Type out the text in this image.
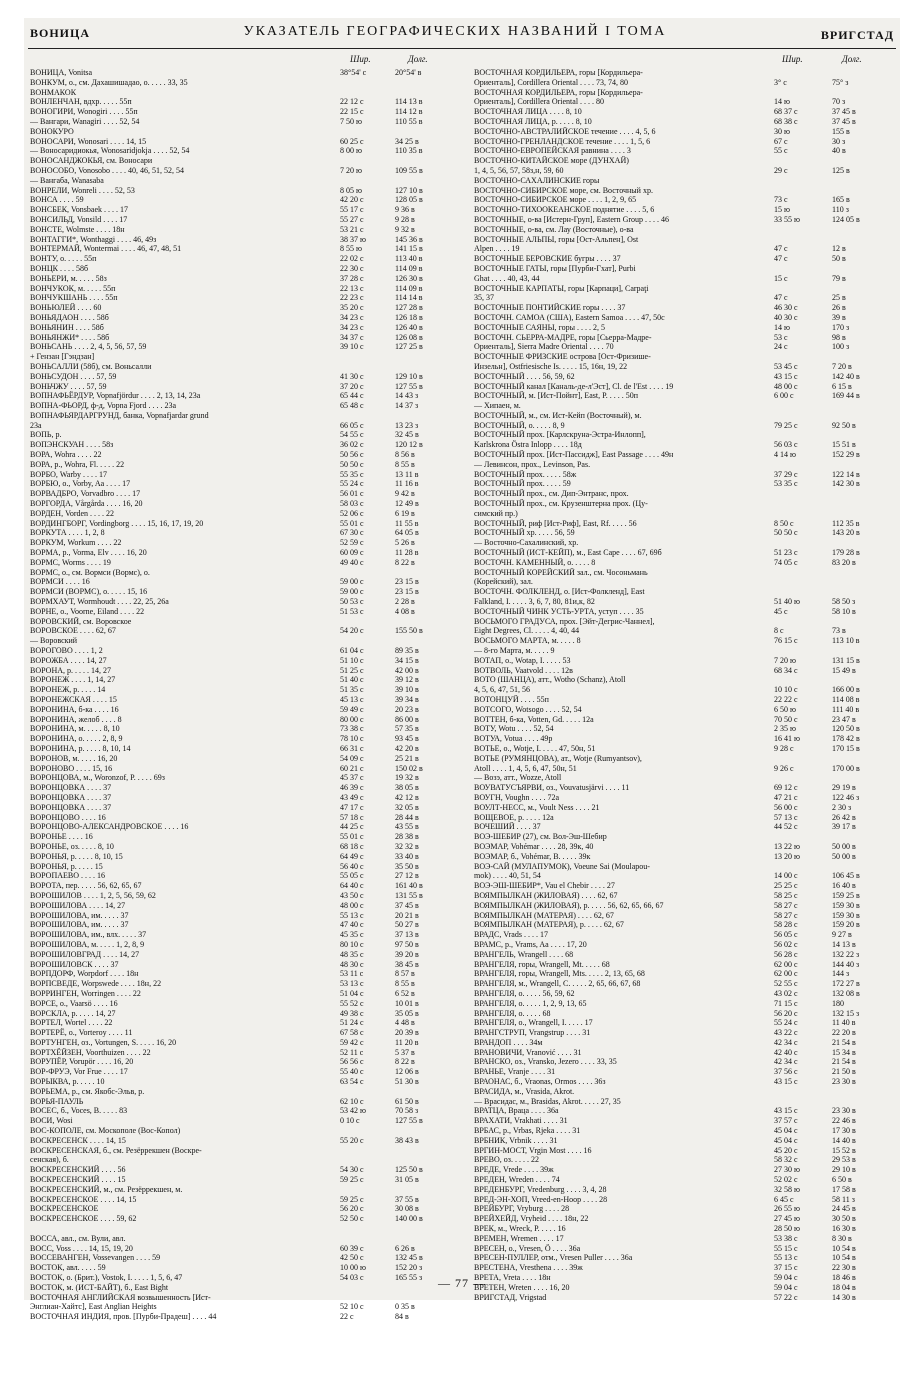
ВОНИЦА	УКАЗАТЕЛЬ ГЕОГРАФИЧЕСКИХ НАЗВАНИЙ I ТОМА	ВРИГСТАД
Шир.	Долг.
ВОНИЦА, Vonitsa	38°54' с	20°54' в
ВОНКУМ, о., см. Дахашишадао, о. . . . . 33, 35
ВОНМАКОК
ВОНЛЕНЧАН, вдхр. . . . . 55п	22 12 с	114 13 в
ВОНОГИРИ, Wonogiri . . . . 55п	22 15 с	114 12 в
— Вангари, Wanagiri . . . . 52, 54	7 50 ю	110 55 в
ВОНОКУРО
ВОНОСАРИ, Wonosari . . . . 14, 15	60 25 с	34 25 в
— Воносаридиокья, Wonosaridjokja . . . . 52, 54	8 00 ю	110 35 в
ВОНОСАНДЖОКЬЯ, см. Воносари
ВОНОСОБО, Vonosobo . . . . 40, 46, 51, 52, 54	7 20 ю	109 55 в
— Вангаба, Wanasaba
ВОНРЕЛИ, Wonreli . . . . 52, 53	8 05 ю	127 10 в
ВОНСА . . . . 59	42 20 с	128 05 в
ВОНСБЕК, Vonsbaek . . . . 17	55 17 с	9 36 в
ВОНСИЛЬД, Vonsild . . . . 17	55 27 с	9 28 в
ВОНСТЕ, Wolmste . . . . 18н	53 21 с	9 32 в
ВОНТАГГИ*, Wonthaggi . . . . 46, 49з	38 37 ю	145 36 в
ВОНТЕРМАЙ, Wontermai . . . . 46, 47, 48, 51	8 55 ю	141 15 в
ВОНТУ, о. . . . . 55п	22 02 с	113 40 в
ВОНЦК . . . . 58б	22 30 с	114 09 в
ВОНЬЕРИ, м. . . . . 58з	37 28 с	126 30 в
ВОНЧУКОК, м. . . . . 55п	22 13 с	114 09 в
ВОНЧУКШАНЬ . . . . 55п	22 23 с	114 14 в
ВОНЬЮЛЕЙ . . . . 60	35 20 с	127 28 в
ВОНЬЯДАОН . . . . 58б	34 23 с	126 18 в
ВОНЬЯНИН . . . . 58б	34 23 с	126 40 в
ВОНЬЯНЖИ* . . . . 58б	34 37 с	126 08 в
ВОНЬСАНЬ . . . . 2, 4, 5, 56, 57, 59	39 10 с	127 25 в
+ Гензан [Гэндзан]
ВОНЬСАЛЛИ (58б), см. Воньсалли
ВОНЬСУДОН . . . . 57, 59	41 30 с	129 10 в
ВОНЬЧЖУ . . . . 57, 59	37 20 с	127 55 в
ВОПНАФЬЁРДУР, Vopnafjördur . . . . 2, 13, 14, 23а	65 44 с	14 43 з
ВОПНА-ФЬОРД, ф-д, Vopna Fjord . . . . 23а	65 48 с	14 37 з
ВОПНАФЬЯРДАРГРУНД, банка, Vopnafjardar grund
23а	66 05 с	13 23 з
ВОПЬ, р.	54 55 с	32 45 в
ВОПЭНСКУАН . . . . 58з	36 02 с	120 12 в
ВОРА, Wohra . . . . 22	50 56 с	8 56 в
ВОРА, р., Wohra, Fl. . . . . 22	50 50 с	8 55 в
ВОРБО, Warby . . . . 17	55 35 с	13 11 в
ВОРБЮ, о., Vorby, Aa . . . . 17	55 24 с	11 16 в
ВОРВАДБРО, Vorvadbro . . . . 17	56 01 с	9 42 в
ВОРГОРДА, Vårgårda . . . . 16, 20	58 03 с	12 49 в
ВОРДЕН, Vorden . . . . 22	52 06 с	6 19 в
ВОРДИНГБОРГ, Vordingborg . . . . 15, 16, 17, 19, 20	55 01 с	11 55 в
ВОРКУТА . . . . 1, 2, 8	67 30 с	64 05 в
ВОРКУМ, Workum . . . . 22	52 59 с	5 26 в
ВОРМА, р., Vorma, Elv . . . . 16, 20	60 09 с	11 28 в
ВОРМС, Worms . . . . 19	49 40 с	8 22 в
ВОРМС, о., см. Вормси (Вормс), о.
ВОРМСИ . . . . 16	59 00 с	23 15 в
ВОРМСИ (ВОРМС), о. . . . . 15, 16	59 00 с	23 15 в
ВОРМХАУТ, Wormhoudt . . . . 22, 25, 26а	50 53 с	2 28 в
ВОРНЕ, о., Voorne, Eiland . . . . 22	51 53 с	4 08 в
ВОРОВСКИЙ, см. Воровское
ВОРОВСКОЕ . . . . 62, 67	54 20 с	155 50 в
— Воровский
ВОРОГОВО . . . . 1, 2	61 04 с	89 35 в
ВОРОЖБА . . . . 14, 27	51 10 с	34 15 в
ВОРОНА, р. . . . . 14, 27	51 25 с	42 00 в
ВОРОНЕЖ . . . . 1, 14, 27	51 40 с	39 12 в
ВОРОНЕЖ, р. . . . . 14	51 35 с	39 10 в
ВОРОНЕЖСКАЯ . . . . 15	45 13 с	39 34 в
ВОРОНИНА, б-ка . . . . 16	59 49 с	20 23 в
ВОРОНИНА, желоб . . . . 8	80 00 с	86 00 в
ВОРОНИНА, м. . . . . 8, 10	73 38 с	57 35 в
ВОРОНИНА, о. . . . . 2, 8, 9	78 10 с	93 45 в
ВОРОНИНА, р. . . . . 8, 10, 14	66 31 с	42 20 в
ВОРОНОВ, м. . . . . 16, 20	54 09 с	25 21 в
ВОРОНОВО . . . . 15, 16	60 21 с	150 02 в
ВОРОНЦОВА, м., Woronzof, P. . . . . 69з	45 37 с	19 32 в
ВОРОНЦОВКА . . . . 37	46 39 с	38 05 в
ВОРОНЦОВКА . . . . 37	43 49 с	42 12 в
ВОРОНЦОВКА . . . . 37	47 17 с	32 05 в
ВОРОНЦОВО . . . . 16	57 18 с	28 44 в
ВОРОНЦОВО-АЛЕКСАНДРОВСКОЕ . . . . 16	44 25 с	43 55 в
ВОРОНЬЕ . . . . 16	55 01 с	28 38 в
ВОРОНЬЕ, оз. . . . . 8, 10	68 18 с	32 32 в
ВОРОНЬЯ, р. . . . . 8, 10, 15	64 49 с	33 40 в
ВОРОНЬЯ, р. . . . . 15	56 40 с	35 50 в
ВОРОПАЕВО . . . . 16	55 05 с	27 12 в
ВОРОТА, пер. . . . . 56, 62, 65, 67	64 40 с	161 40 в
ВОРОШИЛОВ . . . . 1, 2, 5, 56, 59, 62	43 50 с	131 55 в
ВОРОШИЛОВА . . . . 14, 27	48 00 с	37 45 в
ВОРОШИЛОВА, им. . . . . 37	55 13 с	20 21 в
ВОРОШИЛОВА, им. . . . . 37	47 40 с	50 27 в
ВОРОШИЛОВА, им., влх. . . . . 37	45 35 с	37 13 в
ВОРОШИЛОВА, м. . . . . 1, 2, 8, 9	80 10 с	97 50 в
ВОРОШИЛОВГРАД . . . . 14, 27	48 35 с	39 20 в
ВОРОШИЛОВСК . . . . 37	48 30 с	38 45 в
ВОРПДОРФ, Worpdorf . . . . 18н	53 11 с	8 57 в
ВОРПСВЕДЕ, Worpswede . . . . 18н, 22	53 13 с	8 55 в
ВОРРИНГЕН, Worringen . . . . 22	51 04 с	6 52 в
ВОРСЕ, о., Vaarsö . . . . 16	55 52 с	10 01 в
ВОРСКЛА, р. . . . . 14, 27	49 38 с	35 05 в
ВОРТЕЛ, Wortel . . . . 22	51 24 с	4 48 в
ВОРТЕРЁ, о., Vorterоy . . . . 11	67 58 с	20 39 в
ВОРТУНГЕН, оз., Vortungen, S. . . . . 16, 20	59 42 с	11 20 в
ВОРТХЁЙЗЕН, Voorthuizen . . . . 22	52 11 с	5 37 в
ВОРУПЁР, Vorupör . . . . 16, 20	56 56 с	8 22 в
ВОР-ФРУЭ, Vor Frue . . . . 17	55 40 с	12 06 в
ВОРЫКВА, р. . . . . 10	63 54 с	51 30 в
ВОРЬЕМА, р., см. Якобс-Эльв, р.
ВОРЬЯ-ПАУЛЬ	62 10 с	61 50 в
ВОСЕС, б., Voces, B. . . . . 83	53 42 ю	70 58 з
ВОСИ, Wosi	0 10 с	127 55 в
ВОС-КОПОЛЕ, см. Москополе (Вос-Копол)
ВОСКРЕСЕНСК . . . . 14, 15	55 20 с	38 43 в
ВОСКРЕСЕНСКАЯ, б., см. Резёррекшен (Воскре-
сенская), б.
ВОСКРЕСЕНСКИЙ . . . . 56	54 30 с	125 50 в
ВОСКРЕСЕНСКИЙ . . . . 15	59 25 с	31 05 в
ВОСКРЕСЕНСКИЙ, м., см. Резёррекшен, м.
ВОСКРЕСЕНСКОЕ . . . . 14, 15	59 25 с	37 55 в
ВОСКРЕСЕНСКОЕ	56 20 с	30 08 в
ВОСКРЕСЕНСКОЕ . . . . 59, 62	52 50 с	140 00 в
ВОССА, авл., см. Вули, авл.
ВОСС, Voss . . . . 14, 15, 19, 20	60 39 с	6 26 в
ВОССЕВАНГЕН, Vossevangen . . . . 59	42 50 с	132 45 в
ВОСТОК, авл. . . . . 59	10 00 ю	152 20 з
ВОСТОК, о. (Брит.), Vostok, I. . . . . 1, 5, 6, 47	54 03 с	165 55 з
ВОСТОК, м. (ИСТ-БАЙТ), б., East Bight
ВОСТОЧНАЯ АНГЛИЙСКАЯ возвышенность [Ист-
Энглиан-Хайтс], East Anglian Heights	52 10 с	0 35 в
ВОСТОЧНАЯ ИНДИЯ, пров. [Пурби-Прадеш] . . . . 44	22 с	84 в
Шир.	Долг.
ВОСТОЧНАЯ КОРДИЛЬЕРА, горы [Кордильера-
Ориенталь], Cordillera Oriental . . . . 73, 74, 80	3° с	75° з
ВОСТОЧНАЯ КОРДИЛЬЕРА, горы [Кордильера-
Ориенталь], Cordillera Oriental . . . . 80	14 ю	70 з
ВОСТОЧНАЯ ЛИЦА . . . . 8, 10	68 37 с	37 45 в
ВОСТОЧНАЯ ЛИЦА, р. . . . . 8, 10	68 38 с	37 45 в
ВОСТОЧНО-АВСТРАЛИЙСКОЕ течение . . . . 4, 5, 6	30 ю	155 в
ВОСТОЧНО-ГРЕНЛАНДСКОЕ течение . . . . 1, 5, 6	67 с	30 з
ВОСТОЧНО-ЕВРОПЕЙСКАЯ равнина . . . . 3	55 с	40 в
ВОСТОЧНО-КИТАЙСКОЕ море (ДУНХАЙ)
1, 4, 5, 56, 57, 58з,н, 59, 60	29 с	125 в
ВОСТОЧНО-САХАЛИНСКИЕ горы
ВОСТОЧНО-СИБИРСКОЕ море, см. Восточный хр.
ВОСТОЧНО-СИБИРСКОЕ море . . . . 1, 2, 9, 65	73 с	165 в
ВОСТОЧНО-ТИХООКЕАНСКОЕ поднятие . . . . 5, 6	15 ю	110 з
ВОСТОЧНЫЕ, о-ва [Истерн-Груп], Eastern Group . . . . 46	33 55 ю	124 05 в
ВОСТОЧНЫЕ, о-ва, см. Лау (Восточные), о-ва
ВОСТОЧНЫЕ АЛЬПЫ, горы [Ост-Альпен], Ost
Alpen . . . . 19	47 с	12 в
ВОСТОЧНЫЕ БЕРОВСКИЕ бугры . . . . 37	47 с	50 в
ВОСТОЧНЫЕ ГАТЫ, горы [Пурби-Гхат], Purbi
Ghat . . . . 40, 43, 44	15 с	79 в
ВОСТОЧНЫЕ КАРПАТЫ, горы [Карпаци], Carpaţi
35, 37	47 с	25 в
ВОСТОЧНЫЕ ПОНТИЙСКИЕ горы . . . . 37	46 30 с	26 в
ВОСТОЧН. САМОА (США), Eastern Samoa . . . . 47, 50с	40 30 с	39 в
ВОСТОЧНЫЕ САЯНЫ, горы . . . . 2, 5	14 ю	170 з
ВОСТОЧН. СЬЕРРА-МАДРЕ, горы [Сьерра-Мадре-	53 с	98 в
Ориенталь], Sierra Madre Oriental . . . . 70	24 с	100 з
ВОСТОЧНЫЕ ФРИЗСКИЕ острова [Ост-Фризише-
Инзельн], Ostfriesische Is. . . . . 15, 16н, 19, 22	53 45 с	7 20 в
ВОСТОЧНЫЙ . . . . 56, 59, 62	43 15 с	142 40 в
ВОСТОЧНЫЙ канал [Каналь-де-л'Эст], Cl. de l'Est . . . . 19	48 00 с	6 15 в
ВОСТОЧНЫЙ, м. [Ист-Пойнт], East, P. . . . . 50п	6 00 с	169 44 в
— Хипаен, м.
ВОСТОЧНЫЙ, м., см. Ист-Кейп (Восточный), м.
ВОСТОЧНЫЙ, о. . . . . 8, 9	79 25 с	92 50 в
ВОСТОЧНЫЙ прох. [Карлскруна-Эстра-Инлопп],
Karlskrona Östra Inlopp . . . . 18д	56 03 с	15 51 в
ВОСТОЧНЫЙ прох. [Ист-Пассидж], East Passage . . . . 49н	4 14 ю	152 29 в
— Левинсон, прох., Levinson, Pas.
ВОСТОЧНЫЙ прох. . . . . 58ж	37 29 с	122 14 в
ВОСТОЧНЫЙ прох. . . . . 59	53 35 с	142 30 в
ВОСТОЧНЫЙ прох., см. Дип-Энтранс, прох.
ВОСТОЧНЫЙ прох., см. Крузенштерна прох. (Цу-
симский пр.)
ВОСТОЧНЫЙ, риф [Ист-Риф], East, Rf. . . . . 56	8 50 с	112 35 в
ВОСТОЧНЫЙ хр. . . . . 56, 59	50 50 с	143 20 в
— Восточно-Сахалинский, хр.
ВОСТОЧНЫЙ (ИСТ-КЕЙП), м., East Cape . . . . 67, 69б	51 23 с	179 28 в
ВОСТОЧН. КАМЕННЫЙ, о. . . . . 8	74 05 с	83 20 в
ВОСТОЧНЫЙ КОРЕЙСКИЙ зал., см. Чосоньмань
(Корейский), зал.
ВОСТОЧН. ФОЛКЛЕНД, о. [Ист-Фолкленд], East
Falkland, I. . . . . 3, 6, 7, 80, 81и,к, 82	51 40 ю	58 50 з
ВОСТОЧНЫЙ ЧИНК УСТЬ-УРТА, уступ . . . . 35	45 с	58 10 в
ВОСЬМОГО ГРАДУСА, прох. [Эйт-Дегрис-Чаннел],
Eight Degrees, Cl. . . . . 4, 40, 44	8 с	73 в
ВОСЬМОГО МАРТА, м. . . . . 8	76 15 с	113 10 в
— 8-го Марта, м. . . . . 9
ВОТАП, о., Wotap, I. . . . . 53	7 20 ю	131 15 в
ВОТВОЛЬ, Vaatvold . . . . 12в	68 34 с	15 49 в
ВОТО (ШАНЦА), атт., Wotho (Schanz), Atoll
4, 5, 6, 47, 51, 56	10 10 с	166 00 в
ВОТОНЦУЙ . . . . 55п	22 22 с	114 08 в
ВОТСОГО, Wotsogo . . . . 52, 54	6 50 ю	111 40 в
ВОТТЕН, б-ка, Votten, Gd. . . . . 12а	70 50 с	23 47 в
ВОТУ, Wotu . . . . 52, 54	2 35 ю	120 50 в
ВОТУА, Votua . . . . 49р	16 41 ю	178 42 в
ВОТЬЕ, о., Wotje, I. . . . . 47, 50н, 51	9 28 с	170 15 в
ВОТЬЕ (РУМЯНЦОВА), ат., Wotje (Rumyantsov),
Atoll . . . . 1, 4, 5, 6, 47, 50н, 51	9 26 с	170 00 в
— Возэ, атт., Wozze, Atoll
ВОУВАТУСЪЯРВИ, оз., Vouvatusjärvi . . . . 11	69 12 с	29 19 в
ВОУГН, Voughn . . . . 72а	47 21 с	122 46 з
ВОУЛТ-НЕСС, м., Voult Ness . . . . 21	56 00 с	2 30 з
ВОЩЕВОЕ, р. . . . . 12а	57 13 с	26 42 в
ВОЧЕШИЙ . . . . 37	44 52 с	39 17 в
ВОЭ-ШЕБИР (27), см. Вол-Эш-Шебир
ВОЭМАР, Vohémar . . . . 28, 39к, 40	13 22 ю	50 00 в
ВОЭМАР, б., Vohémar, B. . . . . 39к	13 20 ю	50 00 в
ВОЭ-САЙ (МУЛАПУМОК), Voeune Sai (Moulapou-
mok) . . . . 40, 51, 54	14 00 с	106 45 в
ВОЭ-ЭШ-ШЕБИР*, Vau el Chebir . . . . 27	25 25 с	16 40 в
ВОЯМПЫЛКАН (ЖИЛОВАЯ) . . . . 62, 67	58 25 с	159 25 в
ВОЯМПЫЛКАН (ЖИЛОВАЯ), р. . . . . 56, 62, 65, 66, 67	58 27 с	159 30 в
ВОЯМПЫЛКАН (МАТЕРАЯ) . . . . 62, 67	58 27 с	159 30 в
ВОЯМПЫЛКАН (МАТЕРАЯ), р. . . . . 62, 67	58 28 с	159 20 в
ВРАДС, Vrads . . . . 17	56 05 с	9 27 в
ВРАМС, р., Vrams, Aa . . . . 17, 20	56 02 с	14 13 в
ВРАНГЕЛЬ, Wrangell . . . . 68	56 28 с	132 22 з
ВРАНГЕЛЯ, горы, Wrangell, Mt. . . . . 68	62 00 с	144 40 з
ВРАНГЕЛЯ, горы, Wrangell, Mts. . . . . 2, 13, 65, 68	62 00 с	144 з
ВРАНГЕЛЯ, м., Wrangell, C. . . . . 2, 65, 66, 67, 68	52 55 с	172 27 в
ВРАНГЕЛЯ, о. . . . . 56, 59, 62	43 02 с	132 08 в
ВРАНГЕЛЯ, о. . . . . 1, 2, 9, 13, 65	71 15 с	180
ВРАНГЕЛЯ, о. . . . . 68	56 20 с	132 15 з
ВРАНГЕЛЯ, о., Wrangell, I. . . . . 17	55 24 с	11 40 в
ВРАНГСТРУП, Vrangstrup . . . . 31	43 22 с	22 20 в
ВРАНДОП . . . . 34м	42 34 с	21 54 в
ВРАНОВИЧИ, Vranović . . . . 31	42 40 с	15 34 в
ВРАНСКО, оз., Vransko, Jezero . . . . 33, 35	42 34 с	21 54 в
ВРАНЬЕ, Vranje . . . . 31	37 56 с	21 50 в
ВРАОНАС, б., Vraonas, Ormos . . . . 36з	43 15 с	23 30 в
ВРАСИДА, м., Vrasida, Akrot.
— Врасидас, м., Brasidas, Akrot. . . . . 27, 35
ВРАТЦА, Враца . . . . 36а	43 15 с	23 30 в
ВРАХАТИ, Vrakhati . . . . 31	37 57 с	22 46 в
ВРБАС, р., Vrbas, Rjeka . . . . 31	45 04 с	17 30 в
ВРБНИК, Vrbnik . . . . 31	45 04 с	14 40 в
ВРГИН-МОСТ, Vrgin Most . . . . 16	45 20 с	15 52 в
ВРЕВО, оз. . . . . 22	58 32 с	29 53 в
ВРЕДЕ, Vrede . . . . 39ж	27 30 ю	29 10 в
ВРЕДЕН, Wreden . . . . 74	52 02 с	6 50 в
ВРЕДЕНБУРГ, Vredenburg . . . . 3, 4, 28	32 58 ю	17 58 в
ВРЕД-ЭН-ХОП, Vreed-en-Hoop . . . . 28	6 45 с	58 11 з
ВРЕЙБУРГ, Vryburg . . . . 28	26 55 ю	24 45 в
ВРЕЙХЕЙД, Vryheid . . . . 18н, 22	27 45 ю	30 50 в
ВРЕК, м., Wreck, P. . . . . 16	28 50 ю	16 30 в
ВРЕМЕН, Wremen . . . . 17	53 38 с	8 30 в
ВРЕСЕН, о., Vresen, Ö . . . . 36а	55 15 с	10 54 в
ВРЕСЕН-ПУЛЛЕР, отм., Vresen Puller . . . . 36а	55 13 с	10 54 в
ВРЕСТЕНА, Vresthena . . . . 39ж	37 15 с	22 30 в
ВРЕТА, Vreta . . . . 18н	59 04 с	18 46 в
ВРЕТЕН, Wreten . . . . 16, 20	59 04 с	18 04 в
ВРИГСТАД, Vrigstad	57 22 с	14 30 в
— 77 —
